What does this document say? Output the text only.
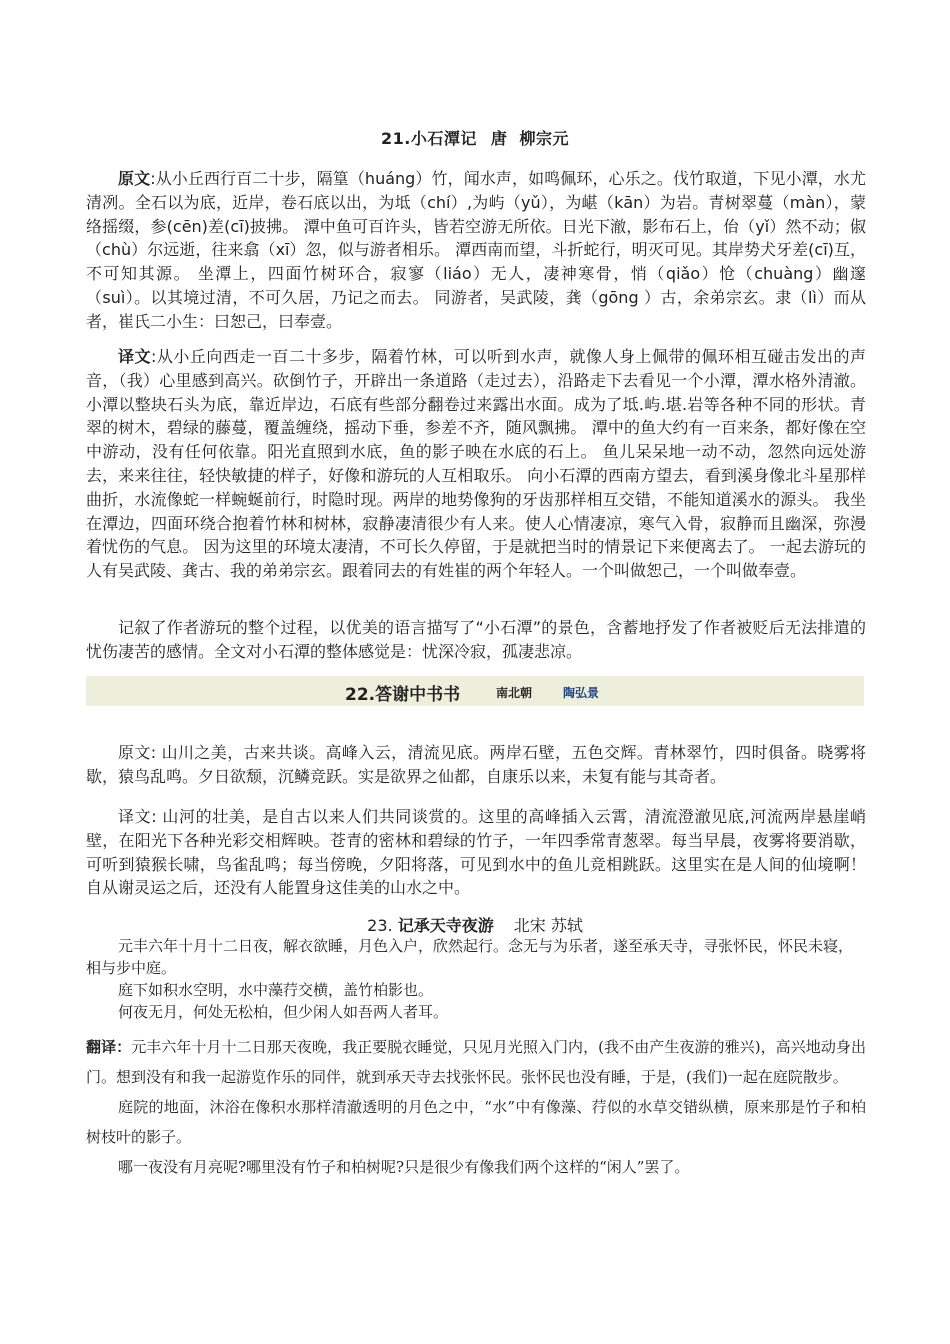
21.小石潭记 唐 柳宗元

原文:从小丘西行百二十步，隔篁（huáng）竹，闻水声，如鸣佩环，心乐之。伐竹取道，下见小潭，水尤清冽。全石以为底，近岸，卷石底以出，为坻（chí）,为屿（yǔ），为嵁（kān）为岩。青树翠蔓（màn），蒙络摇缀，参(cēn)差(cī)披拂。 潭中鱼可百许头，皆若空游无所依。日光下澈，影布石上，佁（yǐ）然不动；俶（chù）尔远逝，往来翕（xī）忽，似与游者相乐。 潭西南而望，斗折蛇行，明灭可见。其岸势犬牙差(cī)互，不可知其源。 坐潭上，四面竹树环合，寂寥（liáo）无人，凄神寒骨，悄（qiǎo）怆（chuàng）幽邃（suì）。以其境过清，不可久居，乃记之而去。 同游者，吴武陵，龚（gōng ）古，余弟宗玄。隶（lì）而从者，崔氏二小生：曰恕己，曰奉壹。

译文:从小丘向西走一百二十多步，隔着竹林，可以听到水声，就像人身上佩带的佩环相互碰击发出的声音，（我）心里感到高兴。砍倒竹子，开辟出一条道路（走过去），沿路走下去看见一个小潭，潭水格外清澈。小潭以整块石头为底，靠近岸边，石底有些部分翻卷过来露出水面。成为了坻.屿.堪.岩等各种不同的形状。青翠的树木，碧绿的藤蔓，覆盖缠绕，摇动下垂，参差不齐，随风飘拂。 潭中的鱼大约有一百来条，都好像在空中游动，没有任何依靠。阳光直照到水底，鱼的影子映在水底的石上。 鱼儿呆呆地一动不动，忽然向远处游去，来来往往，轻快敏捷的样子，好像和游玩的人互相取乐。 向小石潭的西南方望去，看到溪身像北斗星那样曲折，水流像蛇一样蜿蜒前行，时隐时现。两岸的地势像狗的牙齿那样相互交错，不能知道溪水的源头。 我坐在潭边，四面环绕合抱着竹林和树林，寂静凄清很少有人来。使人心情凄凉，寒气入骨，寂静而且幽深，弥漫着忧伤的气息。 因为这里的环境太凄清，不可长久停留，于是就把当时的情景记下来便离去了。 一起去游玩的人有吴武陵、龚古、我的弟弟宗玄。跟着同去的有姓崔的两个年轻人。一个叫做恕己，一个叫做奉壹。

记叙了作者游玩的整个过程，以优美的语言描写了“小石潭”的景色，含蓄地抒发了作者被贬后无法排遣的忧伤凄苦的感情。全文对小石潭的整体感觉是：忧深冷寂，孤凄悲凉。

22.答谢中书书	南北朝	陶弘景

原文: 山川之美，古来共谈。高峰入云，清流见底。两岸石壁，五色交辉。青林翠竹，四时俱备。晓雾将歇，猿鸟乱鸣。夕日欲颓，沉鳞竞跃。实是欲界之仙都，自康乐以来，未复有能与其奇者。

译文: 山河的壮美，是自古以来人们共同谈赏的。这里的高峰插入云霄，清流澄澈见底,河流两岸悬崖峭壁，在阳光下各种光彩交相辉映。苍青的密林和碧绿的竹子，一年四季常青葱翠。每当早晨，夜雾将要消歇，可听到猿猴长啸，鸟雀乱鸣；每当傍晚，夕阳将落，可见到水中的鱼儿竞相跳跃。这里实在是人间的仙境啊！自从谢灵运之后，还没有人能置身这佳美的山水之中。

23. 记承天寺夜游 北宋 苏轼
元丰六年十月十二日夜，解衣欲睡，月色入户，欣然起行。念无与为乐者，遂至承天寺，寻张怀民，怀民未寝，相与步中庭。
庭下如积水空明，水中藻荇交横，盖竹柏影也。
何夜无月，何处无松柏，但少闲人如吾两人者耳。
翻译：元丰六年十月十二日那天夜晚，我正要脱衣睡觉，只见月光照入门内，(我不由产生夜游的雅兴)，高兴地动身出门。想到没有和我一起游览作乐的同伴，就到承天寺去找张怀民。张怀民也没有睡，于是，(我们)一起在庭院散步。
庭院的地面，沐浴在像积水那样清澈透明的月色之中，“水”中有像藻、荇似的水草交错纵横，原来那是竹子和柏树枝叶的影子。
哪一夜没有月亮呢?哪里没有竹子和柏树呢?只是很少有像我们两个这样的“闲人”罢了。
